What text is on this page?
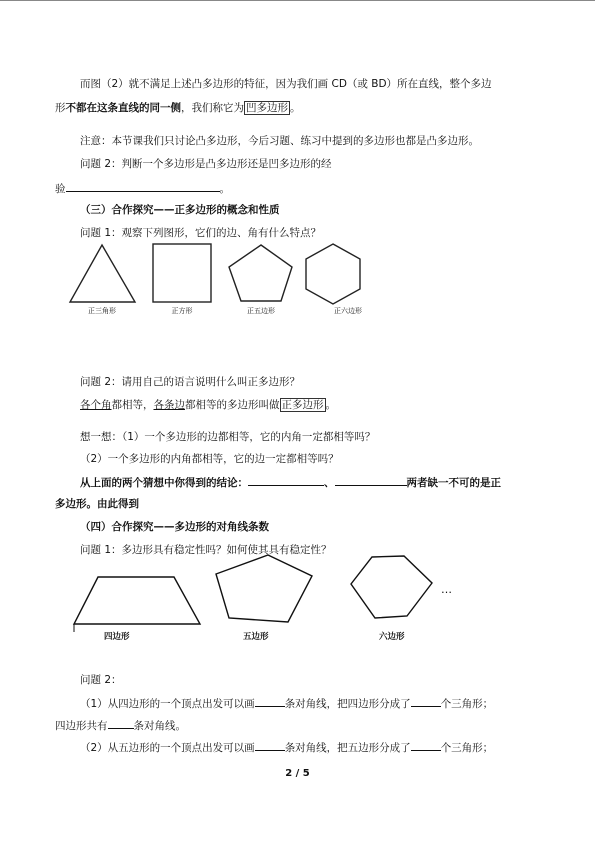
而图（2）就不满足上述凸多边形的特征，因为我们画 CD（或 BD）所在直线，整个多边
形不都在这条直线的同一侧，我们称它为 凹多边形 。
注意：本节课我们只讨论凸多边形，今后习题、练习中提到的多边形也都是凸多边形。
问题 2：判断一个多边形是凸多边形还是凹多边形的经
验	。
（三）合作探究——正多边形的概念和性质
问题 1：观察下列图形，它们的边、角有什么特点？
正三角形	正方形	正五边形	正六边形
问题 2：请用自己的语言说明什么叫正多边形？
各个角都相等，各条边都相等的多边形叫做 正多边形 。
想一想：（1）一个多边形的边都相等，它的内角一定都相等吗？
（2）一个多边形的内角都相等，它的边一定都相等吗？
从上面的两个猜想中你得到的结论：	、	两者缺一不可的是正
多边形。由此得到
（四）合作探究——多边形的对角线条数
问题 1：多边形具有稳定性吗？如何使其具有稳定性？
…
四边形	五边形	六边形
问题 2：
（1）从四边形的一个顶点出发可以画	条对角线，把四边形分成了	个三角形；
四边形共有 条对角线。
（2）从五边形的一个顶点出发可以画	条对角线，把五边形分成了	个三角形；
2 / 5
